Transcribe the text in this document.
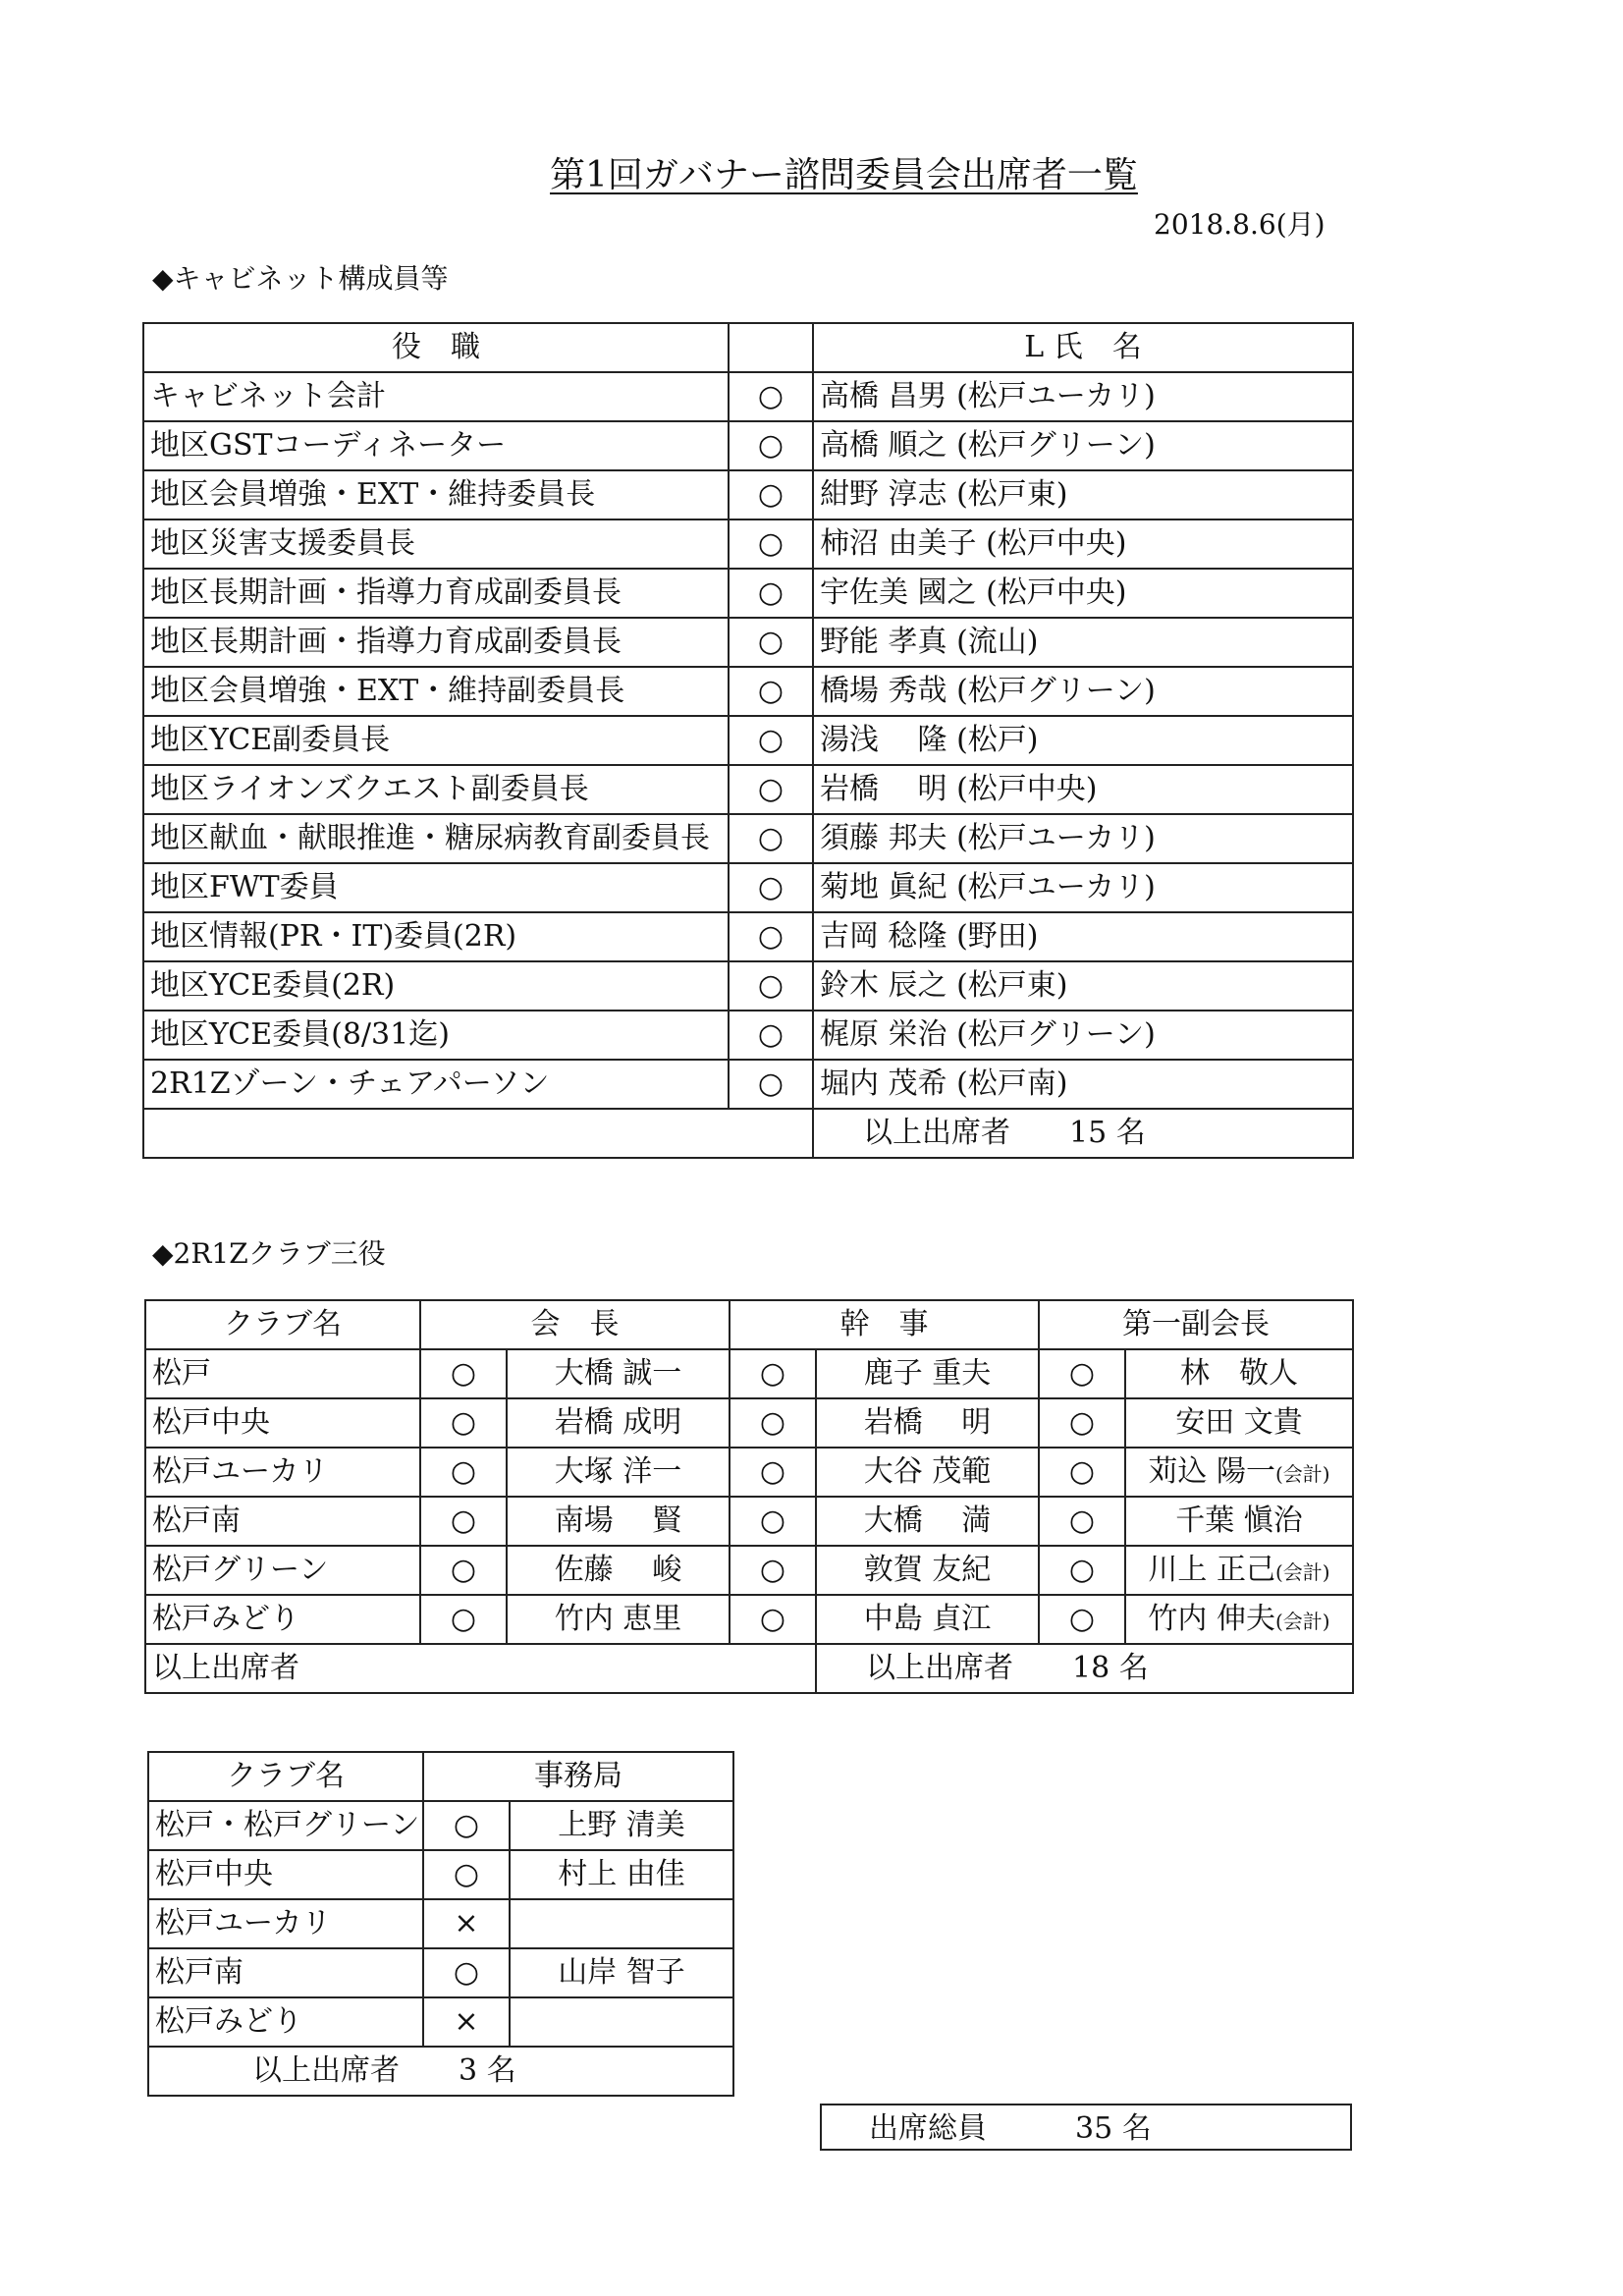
第1回ガバナー諮問委員会出席者一覧
2018.8.6(月)
◆キャビネット構成員等
役　職		L 氏　名
キャビネット会計	○	高橋 昌男 (松戸ユーカリ)
地区GSTコーディネーター	○	高橋 順之 (松戸グリーン)
地区会員増強・EXT・維持委員長	○	紺野 淳志 (松戸東)
地区災害支援委員長	○	柿沼 由美子 (松戸中央)
地区長期計画・指導力育成副委員長	○	宇佐美 國之 (松戸中央)
地区長期計画・指導力育成副委員長	○	野能 孝真 (流山)
地区会員増強・EXT・維持副委員長	○	橋場 秀哉 (松戸グリーン)
地区YCE副委員長	○	湯浅　 隆 (松戸)
地区ライオンズクエスト副委員長	○	岩橋　 明 (松戸中央)
地区献血・献眼推進・糖尿病教育副委員長	○	須藤 邦夫 (松戸ユーカリ)
地区FWT委員	○	菊地 眞紀 (松戸ユーカリ)
地区情報(PR・IT)委員(2R)	○	吉岡 稔隆 (野田)
地区YCE委員(2R)	○	鈴木 辰之 (松戸東)
地区YCE委員(8/31迄)	○	梶原 栄治 (松戸グリーン)
2R1Zゾーン・チェアパーソン	○	堀内 茂希 (松戸南)
		以上出席者　　15 名
◆2R1Zクラブ三役
クラブ名	会　長		幹　事		第一副会長	
松戸	○	大橋 誠一	○	鹿子 重夫	○	林　敬人
松戸中央	○	岩橋 成明	○	岩橋　 明	○	安田 文貴
松戸ユーカリ	○	大塚 洋一	○	大谷 茂範	○	苅込 陽一(会計)
松戸南	○	南場　 賢	○	大橋　 満	○	千葉 愼治
松戸グリーン	○	佐藤　 峻	○	敦賀 友紀	○	川上 正己(会計)
松戸みどり	○	竹内 恵里	○	中島 貞江	○	竹内 伸夫(会計)
以上出席者				以上出席者　　18 名		
クラブ名	事務局	
松戸・松戸グリーン	○	上野 清美
松戸中央	○	村上 由佳
松戸ユーカリ	×	
松戸南	○	山岸 智子
松戸みどり	×	
以上出席者　　3 名		
出席総員　　　35 名
